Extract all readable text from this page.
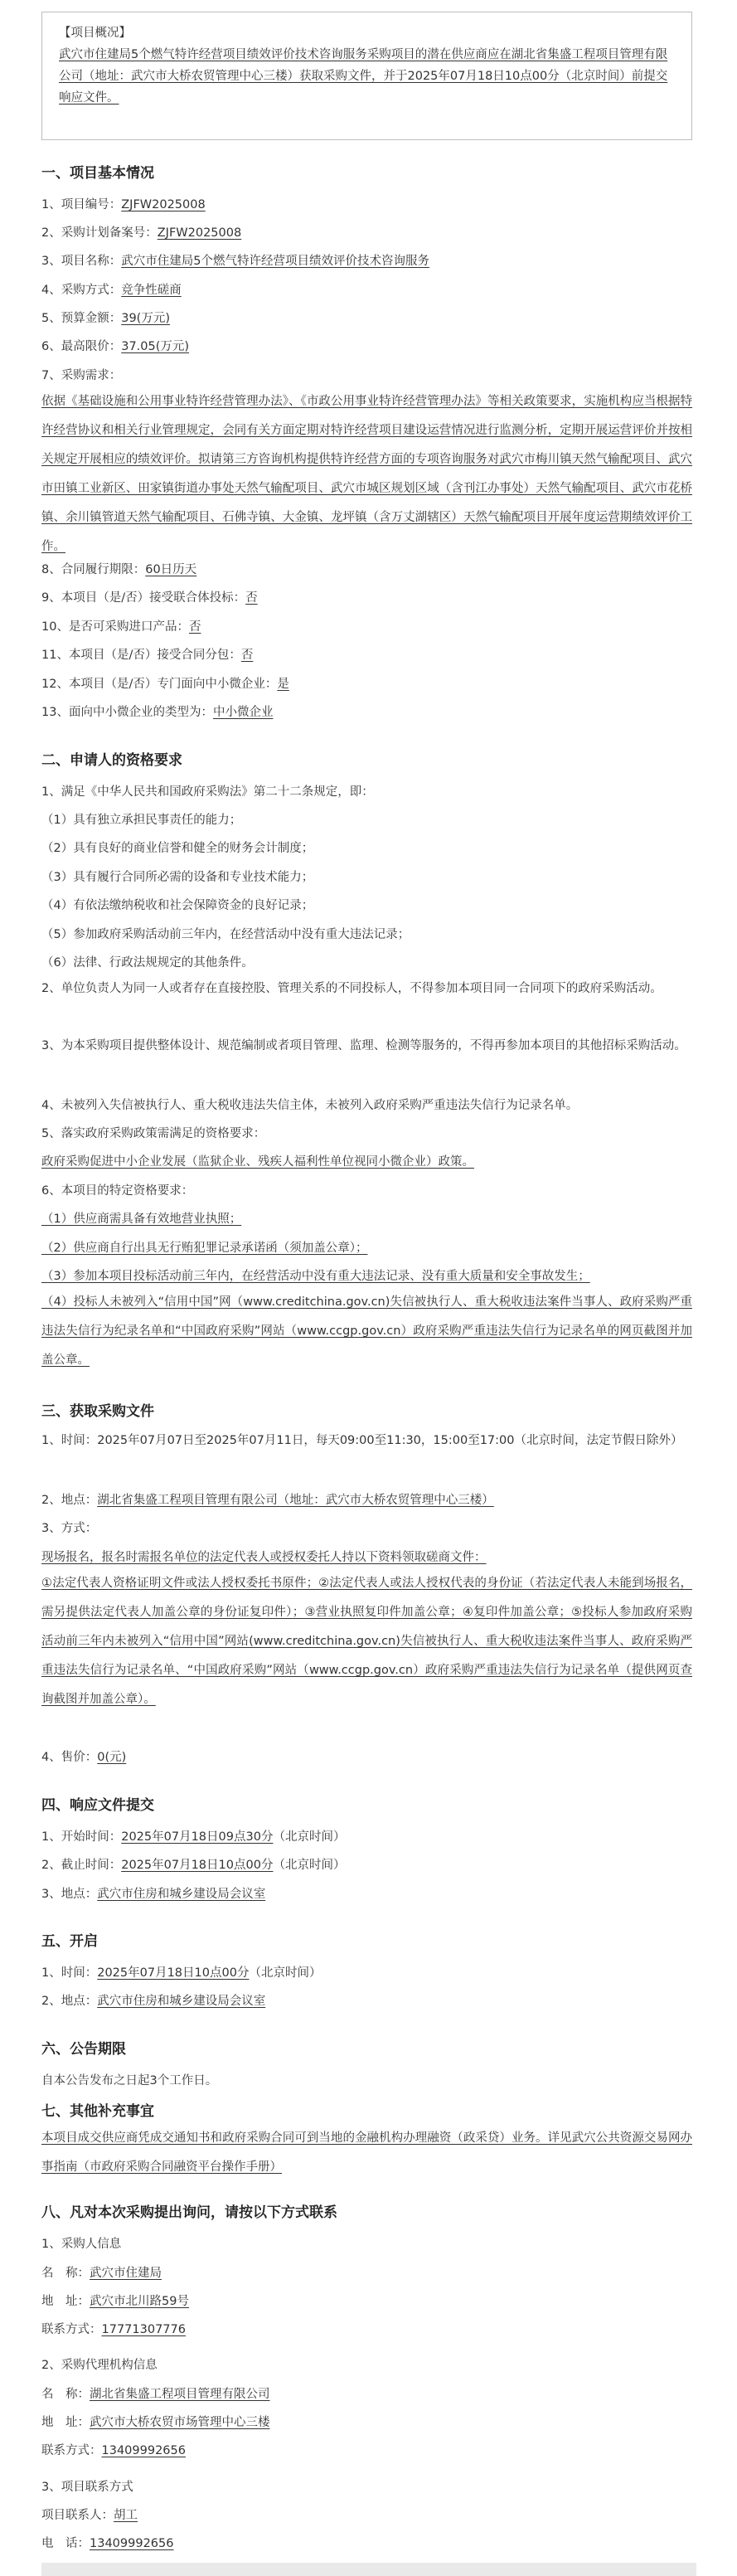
【项目概况】
武穴市住建局5个燃气特许经营项目绩效评价技术咨询服务采购项目的潜在供应商应在湖北省集盛工程项目管理有限公司（地址：武穴市大桥农贸管理中心三楼）获取采购文件，并于2025年07月18日10点00分（北京时间）前提交响应文件。
一、项目基本情况
1、项目编号：ZJFW2025008
2、采购计划备案号：ZJFW2025008
3、项目名称：武穴市住建局5个燃气特许经营项目绩效评价技术咨询服务
4、采购方式：竞争性磋商
5、预算金额：39(万元)
6、最高限价：37.05(万元)
7、采购需求：
依据《基础设施和公用事业特许经营管理办法》、《市政公用事业特许经营管理办法》等相关政策要求，实施机构应当根据特许经营协议和相关行业管理规定，会同有关方面定期对特许经营项目建设运营情况进行监测分析，定期开展运营评价并按相关规定开展相应的绩效评价。拟请第三方咨询机构提供特许经营方面的专项咨询服务对武穴市梅川镇天然气输配项目、武穴市田镇工业新区、田家镇街道办事处天然气输配项目、武穴市城区规划区域（含刊江办事处）天然气输配项目、武穴市花桥镇、余川镇管道天然气输配项目、石佛寺镇、大金镇、龙坪镇（含万丈湖辖区）天然气输配项目开展年度运营期绩效评价工作。
8、合同履行期限：60日历天
9、本项目（是/否）接受联合体投标：否
10、是否可采购进口产品：否
11、本项目（是/否）接受合同分包：否
12、本项目（是/否）专门面向中小微企业：是
13、面向中小微企业的类型为：中小微企业
二、申请人的资格要求
1、满足《中华人民共和国政府采购法》第二十二条规定，即：
（1）具有独立承担民事责任的能力；
（2）具有良好的商业信誉和健全的财务会计制度；
（3）具有履行合同所必需的设备和专业技术能力；
（4）有依法缴纳税收和社会保障资金的良好记录；
（5）参加政府采购活动前三年内，在经营活动中没有重大违法记录；
（6）法律、行政法规规定的其他条件。
2、单位负责人为同一人或者存在直接控股、管理关系的不同投标人，不得参加本项目同一合同项下的政府采购活动。
3、为本采购项目提供整体设计、规范编制或者项目管理、监理、检测等服务的，不得再参加本项目的其他招标采购活动。
4、未被列入失信被执行人、重大税收违法失信主体，未被列入政府采购严重违法失信行为记录名单。
5、落实政府采购政策需满足的资格要求：
政府采购促进中小企业发展（监狱企业、残疾人福利性单位视同小微企业）政策。
6、本项目的特定资格要求：
（1）供应商需具备有效地营业执照；
（2）供应商自行出具无行贿犯罪记录承诺函（须加盖公章）；
（3）参加本项目投标活动前三年内，在经营活动中没有重大违法记录、没有重大质量和安全事故发生；
（4）投标人未被列入“信用中国”网（www.creditchina.gov.cn)失信被执行人、重大税收违法案件当事人、政府采购严重违法失信行为纪录名单和“中国政府采购”网站（www.ccgp.gov.cn）政府采购严重违法失信行为记录名单的网页截图并加盖公章。
三、获取采购文件
1、时间：2025年07月07日至2025年07月11日，每天09:00至11:30，15:00至17:00（北京时间，法定节假日除外）
2、地点：湖北省集盛工程项目管理有限公司（地址：武穴市大桥农贸管理中心三楼）
3、方式：
现场报名，报名时需报名单位的法定代表人或授权委托人持以下资料领取磋商文件：
①法定代表人资格证明文件或法人授权委托书原件；②法定代表人或法人授权代表的身份证（若法定代表人未能到场报名，需另提供法定代表人加盖公章的身份证复印件）；③营业执照复印件加盖公章；④复印件加盖公章；⑤投标人参加政府采购活动前三年内未被列入“信用中国”网站(www.creditchina.gov.cn)失信被执行人、重大税收违法案件当事人、政府采购严重违法失信行为记录名单、“中国政府采购”网站（www.ccgp.gov.cn）政府采购严重违法失信行为记录名单（提供网页查询截图并加盖公章）。
4、售价：0(元)
四、响应文件提交
1、开始时间：2025年07月18日09点30分（北京时间）
2、截止时间：2025年07月18日10点00分（北京时间）
3、地点：武穴市住房和城乡建设局会议室
五、开启
1、时间：2025年07月18日10点00分（北京时间）
2、地点：武穴市住房和城乡建设局会议室
六、公告期限
自本公告发布之日起3个工作日。
七、其他补充事宜
本项目成交供应商凭成交通知书和政府采购合同可到当地的金融机构办理融资（政采贷）业务。详见武穴公共资源交易网办事指南（市政府采购合同融资平台操作手册）
八、凡对本次采购提出询问，请按以下方式联系
1、采购人信息
名　称：武穴市住建局
地　址：武穴市北川路59号
联系方式：17771307776
2、采购代理机构信息
名　称：湖北省集盛工程项目管理有限公司
地　址：武穴市大桥农贸市场管理中心三楼
联系方式：13409992656
3、项目联系方式
项目联系人：胡工
电　话：13409992656
